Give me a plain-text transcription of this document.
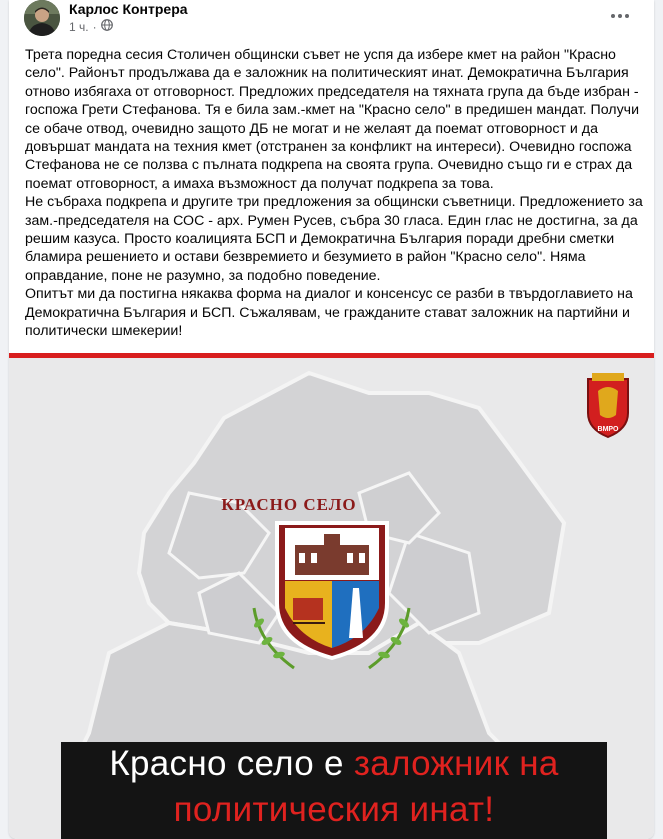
Карлос Контрера
1 ч. ·

Трета поредна сесия Столичен общински съвет не успя да избере кмет на район "Красно село". Районът продължава да е заложник на политическият инат. Демократична България отново избягаха от отговорност. Предложих председателя на тяхната група да бъде избран - госпожа Грети Стефанова. Тя е била зам.-кмет на "Красно село" в предишен мандат. Получи се обаче отвод, очевидно защото ДБ не могат и не желаят да поемат отговорност и да довършат мандата на техния кмет (отстранен за конфликт на интереси). Очевидно госпожа Стефанова не се ползва с пълната подкрепа на своята група. Очевидно също ги е страх да поемат отговорност, а имаха възможност да получат подкрепа за това.

Не събраха подкрепа и другите три предложения за общински съветници. Предложението за зам.-председателя на СОС - арх. Румен Русев, събра 30 гласа. Един глас не достигна, за да решим казуса. Просто коалицията БСП и Демократична България поради дребни сметки бламира решението и остави безвремието и безумието в район "Красно село". Няма оправдание, поне не разумно, за подобно поведение.

Опитът ми да постигна някаква форма на диалог и консенсус се разби в твърдоглавието на Демократична България и БСП. Съжалявам, че гражданите стават заложник на партийни и политически шмекерии!

КРАСНО СЕЛО
ВМРО
Красно село е заложник на
политическия инат!
